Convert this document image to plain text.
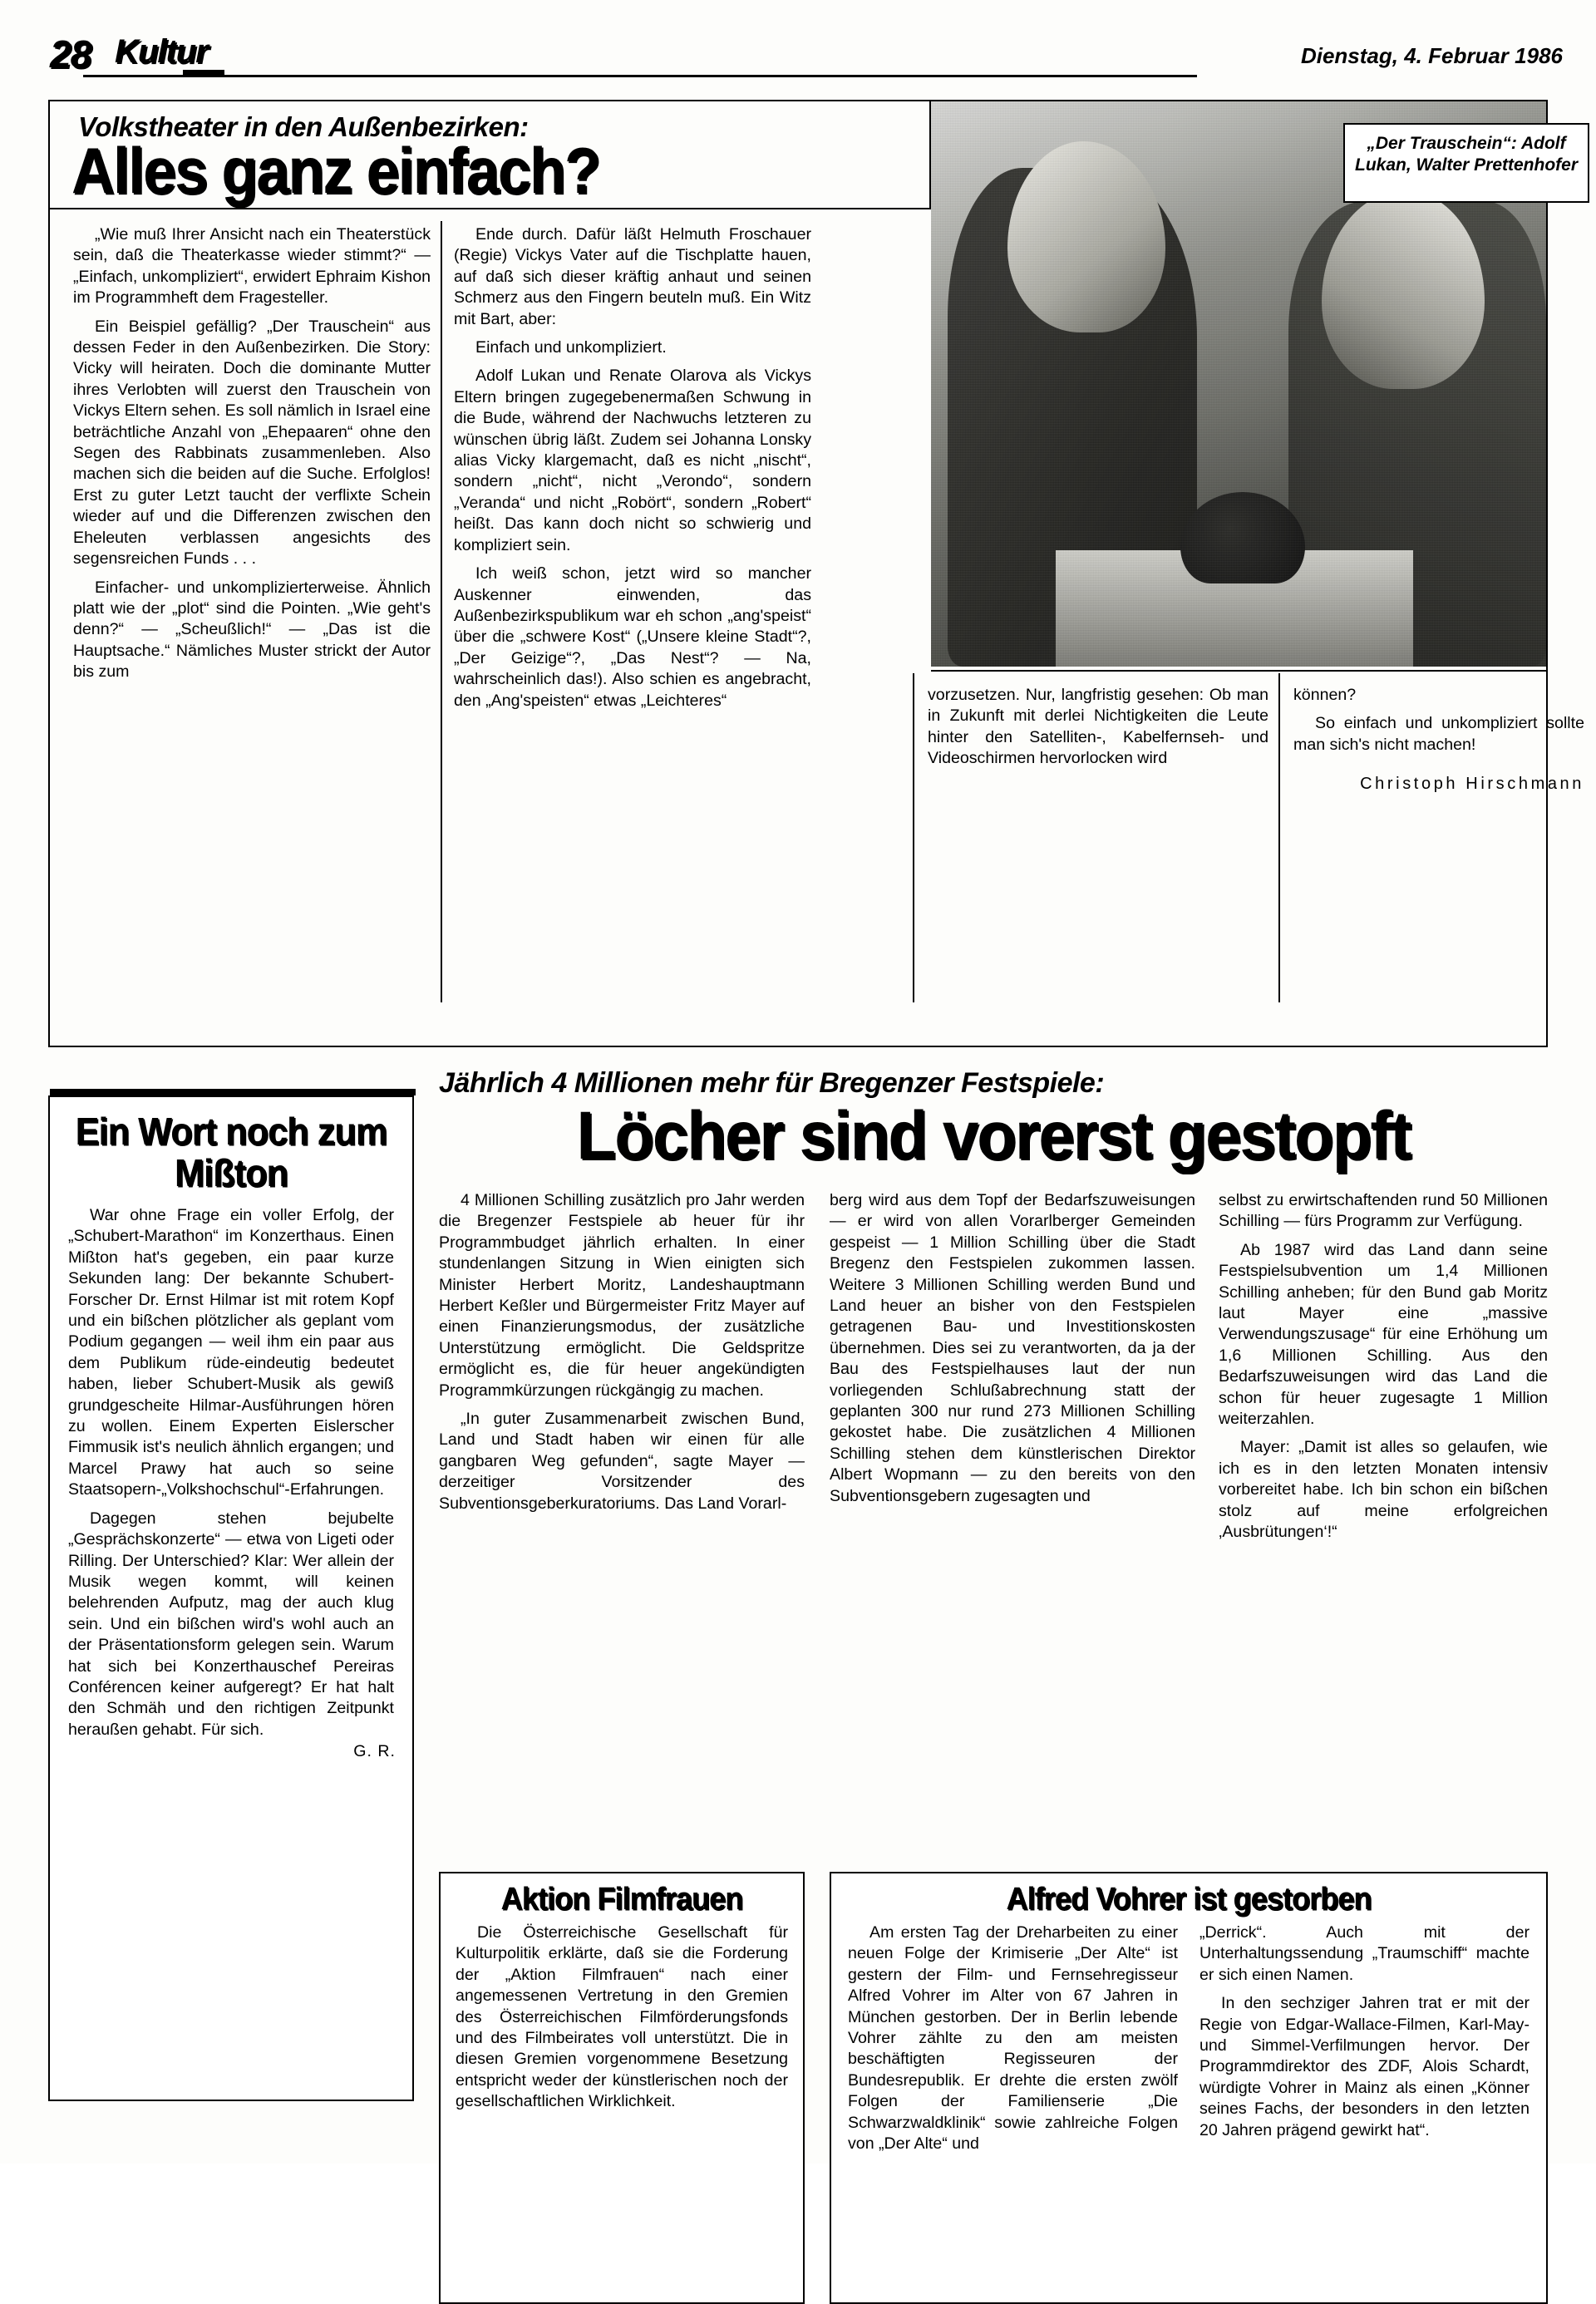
28 Kultur	Dienstag, 4. Februar 1986
Volkstheater in den Außenbezirken:
Alles ganz einfach?	„Der Trauschein“: Adolf Lukan, Walter Prettenhofer

„Wie muß Ihrer Ansicht nach ein Theaterstück sein, daß die Theaterkasse wieder stimmt?“ — „Einfach, unkompliziert“, erwidert Ephraim Kishon im Programmheft dem Fragesteller.

Ein Beispiel gefällig? „Der Trauschein“ aus dessen Feder in den Außenbezirken. Die Story: Vicky will heiraten. Doch die dominante Mutter ihres Verlobten will zuerst den Trauschein von Vickys Eltern sehen. Es soll nämlich in Israel eine beträchtliche Anzahl von „Ehepaaren“ ohne den Segen des Rabbinats zusammenleben. Also machen sich die beiden auf die Suche. Erfolglos! Erst zu guter Letzt taucht der verflixte Schein wieder auf und die Differenzen zwischen den Eheleuten verblassen angesichts des segensreichen Funds . . .

Einfacher- und unkomplizierterweise. Ähnlich platt wie der „plot“ sind die Pointen. „Wie geht's denn?“ — „Scheußlich!“ — „Das ist die Hauptsache.“ Nämliches Muster strickt der Autor bis zum

Ende durch. Dafür läßt Helmuth Froschauer (Regie) Vickys Vater auf die Tischplatte hauen, auf daß sich dieser kräftig anhaut und seinen Schmerz aus den Fingern beuteln muß. Ein Witz mit Bart, aber:

Einfach und unkompliziert.

Adolf Lukan und Renate Olarova als Vickys Eltern bringen zugegebenermaßen Schwung in die Bude, während der Nachwuchs letzteren zu wünschen übrig läßt. Zudem sei Johanna Lonsky alias Vicky klargemacht, daß es nicht „nischt“, sondern „nicht“, nicht „Verondo“, sondern „Veranda“ und nicht „Robört“, sondern „Robert“ heißt. Das kann doch nicht so schwierig und kompliziert sein.

Ich weiß schon, jetzt wird so mancher Auskenner einwenden, das Außenbezirkspublikum war eh schon „ang'speist“ über die „schwere Kost“ („Unsere kleine Stadt“?, „Der Geizige“?, „Das Nest“? — Na, wahrscheinlich das!). Also schien es angebracht, den „Ang'speisten“ etwas „Leichteres“	vorzusetzen. Nur, langfristig gesehen: Ob man in Zukunft mit derlei Nichtigkeiten die Leute hinter den Satelliten-, Kabelfernseh- und Videoschirmen hervorlocken wird

können?

So einfach und unkompliziert sollte man sich's nicht machen!

Christoph Hirschmann
Ein Wort noch zum Mißton

War ohne Frage ein voller Erfolg, der „Schubert-Marathon“ im Konzerthaus. Einen Mißton hat's gegeben, ein paar kurze Sekunden lang: Der bekannte Schubert-Forscher Dr. Ernst Hilmar ist mit rotem Kopf und ein bißchen plötzlicher als geplant vom Podium gegangen — weil ihm ein paar aus dem Publikum rüde-eindeutig bedeutet haben, lieber Schubert-Musik als gewiß grundgescheite Hilmar-Ausführungen hören zu wollen. Einem Experten Eislerscher Fimmusik ist's neulich ähnlich ergangen; und Marcel Prawy hat auch so seine Staatsopern-„Volkshochschul“-Erfahrungen.

Dagegen stehen bejubelte „Gesprächskonzerte“ — etwa von Ligeti oder Rilling. Der Unterschied? Klar: Wer allein der Musik wegen kommt, will keinen belehrenden Aufputz, mag der auch klug sein. Und ein bißchen wird's wohl auch an der Präsentationsform gelegen sein. Warum hat sich bei Konzerthauschef Pereiras Conférencen keiner aufgeregt? Er hat halt den Schmäh und den richtigen Zeitpunkt heraußen gehabt. Für sich.

G. R.
Jährlich 4 Millionen mehr für Bregenzer Festspiele:
Löcher sind vorerst gestopft

4 Millionen Schilling zusätzlich pro Jahr werden die Bregenzer Festspiele ab heuer für ihr Programmbudget jährlich erhalten. In einer stundenlangen Sitzung in Wien einigten sich Minister Herbert Moritz, Landeshauptmann Herbert Keßler und Bürgermeister Fritz Mayer auf einen Finanzierungsmodus, der zusätzliche Unterstützung ermöglicht. Die Geldspritze ermöglicht es, die für heuer angekündigten Programmkürzungen rückgängig zu machen.

„In guter Zusammenarbeit zwischen Bund, Land und Stadt haben wir einen für alle gangbaren Weg gefunden“, sagte Mayer — derzeitiger Vorsitzender des Subventionsgeberkuratoriums. Das Land Vorarl-

berg wird aus dem Topf der Bedarfszuweisungen — er wird von allen Vorarlberger Gemeinden gespeist — 1 Million Schilling über die Stadt Bregenz den Festspielen zukommen lassen. Weitere 3 Millionen Schilling werden Bund und Land heuer an bisher von den Festspielen getragenen Bau- und Investitionskosten übernehmen. Dies sei zu verantworten, da ja der Bau des Festspielhauses laut der nun vorliegenden Schlußabrechnung statt der geplanten 300 nur rund 273 Millionen Schilling gekostet habe. Die zusätzlichen 4 Millionen Schilling stehen dem künstlerischen Direktor Albert Wopmann — zu den bereits von den Subventionsgebern zugesagten und

selbst zu erwirtschaftenden rund 50 Millionen Schilling — fürs Programm zur Verfügung.

Ab 1987 wird das Land dann seine Festspielsubvention um 1,4 Millionen Schilling anheben; für den Bund gab Moritz laut Mayer eine „massive Verwendungszusage“ für eine Erhöhung um 1,6 Millionen Schilling. Aus den Bedarfszuweisungen wird das Land die schon für heuer zugesagte 1 Million weiterzahlen.

Mayer: „Damit ist alles so gelaufen, wie ich es in den letzten Monaten intensiv vorbereitet habe. Ich bin schon ein bißchen stolz auf meine erfolgreichen ‚Ausbrütungen‘!“

Aktion Filmfrauen

Die Österreichische Gesellschaft für Kulturpolitik erklärte, daß sie die Forderung der „Aktion Filmfrauen“ nach einer angemessenen Vertretung in den Gremien des Österreichischen Filmförderungsfonds und des Filmbeirates voll unterstützt. Die in diesen Gremien vorgenommene Besetzung entspricht weder der künstlerischen noch der gesellschaftlichen Wirklichkeit.

Alfred Vohrer ist gestorben

Am ersten Tag der Dreharbeiten zu einer neuen Folge der Krimiserie „Der Alte“ ist gestern der Film- und Fernsehregisseur Alfred Vohrer im Alter von 67 Jahren in München gestorben. Der in Berlin lebende Vohrer zählte zu den am meisten beschäftigten Regisseuren der Bundesrepublik. Er drehte die ersten zwölf Folgen der Familienserie „Die Schwarzwaldklinik“ sowie zahlreiche Folgen von „Der Alte“ und

„Derrick“. Auch mit der Unterhaltungssendung „Traumschiff“ machte er sich einen Namen.

In den sechziger Jahren trat er mit der Regie von Edgar-Wallace-Filmen, Karl-May- und Simmel-Verfilmungen hervor. Der Programmdirektor des ZDF, Alois Schardt, würdigte Vohrer in Mainz als einen „Könner seines Fachs, der besonders in den letzten 20 Jahren prägend gewirkt hat“.
